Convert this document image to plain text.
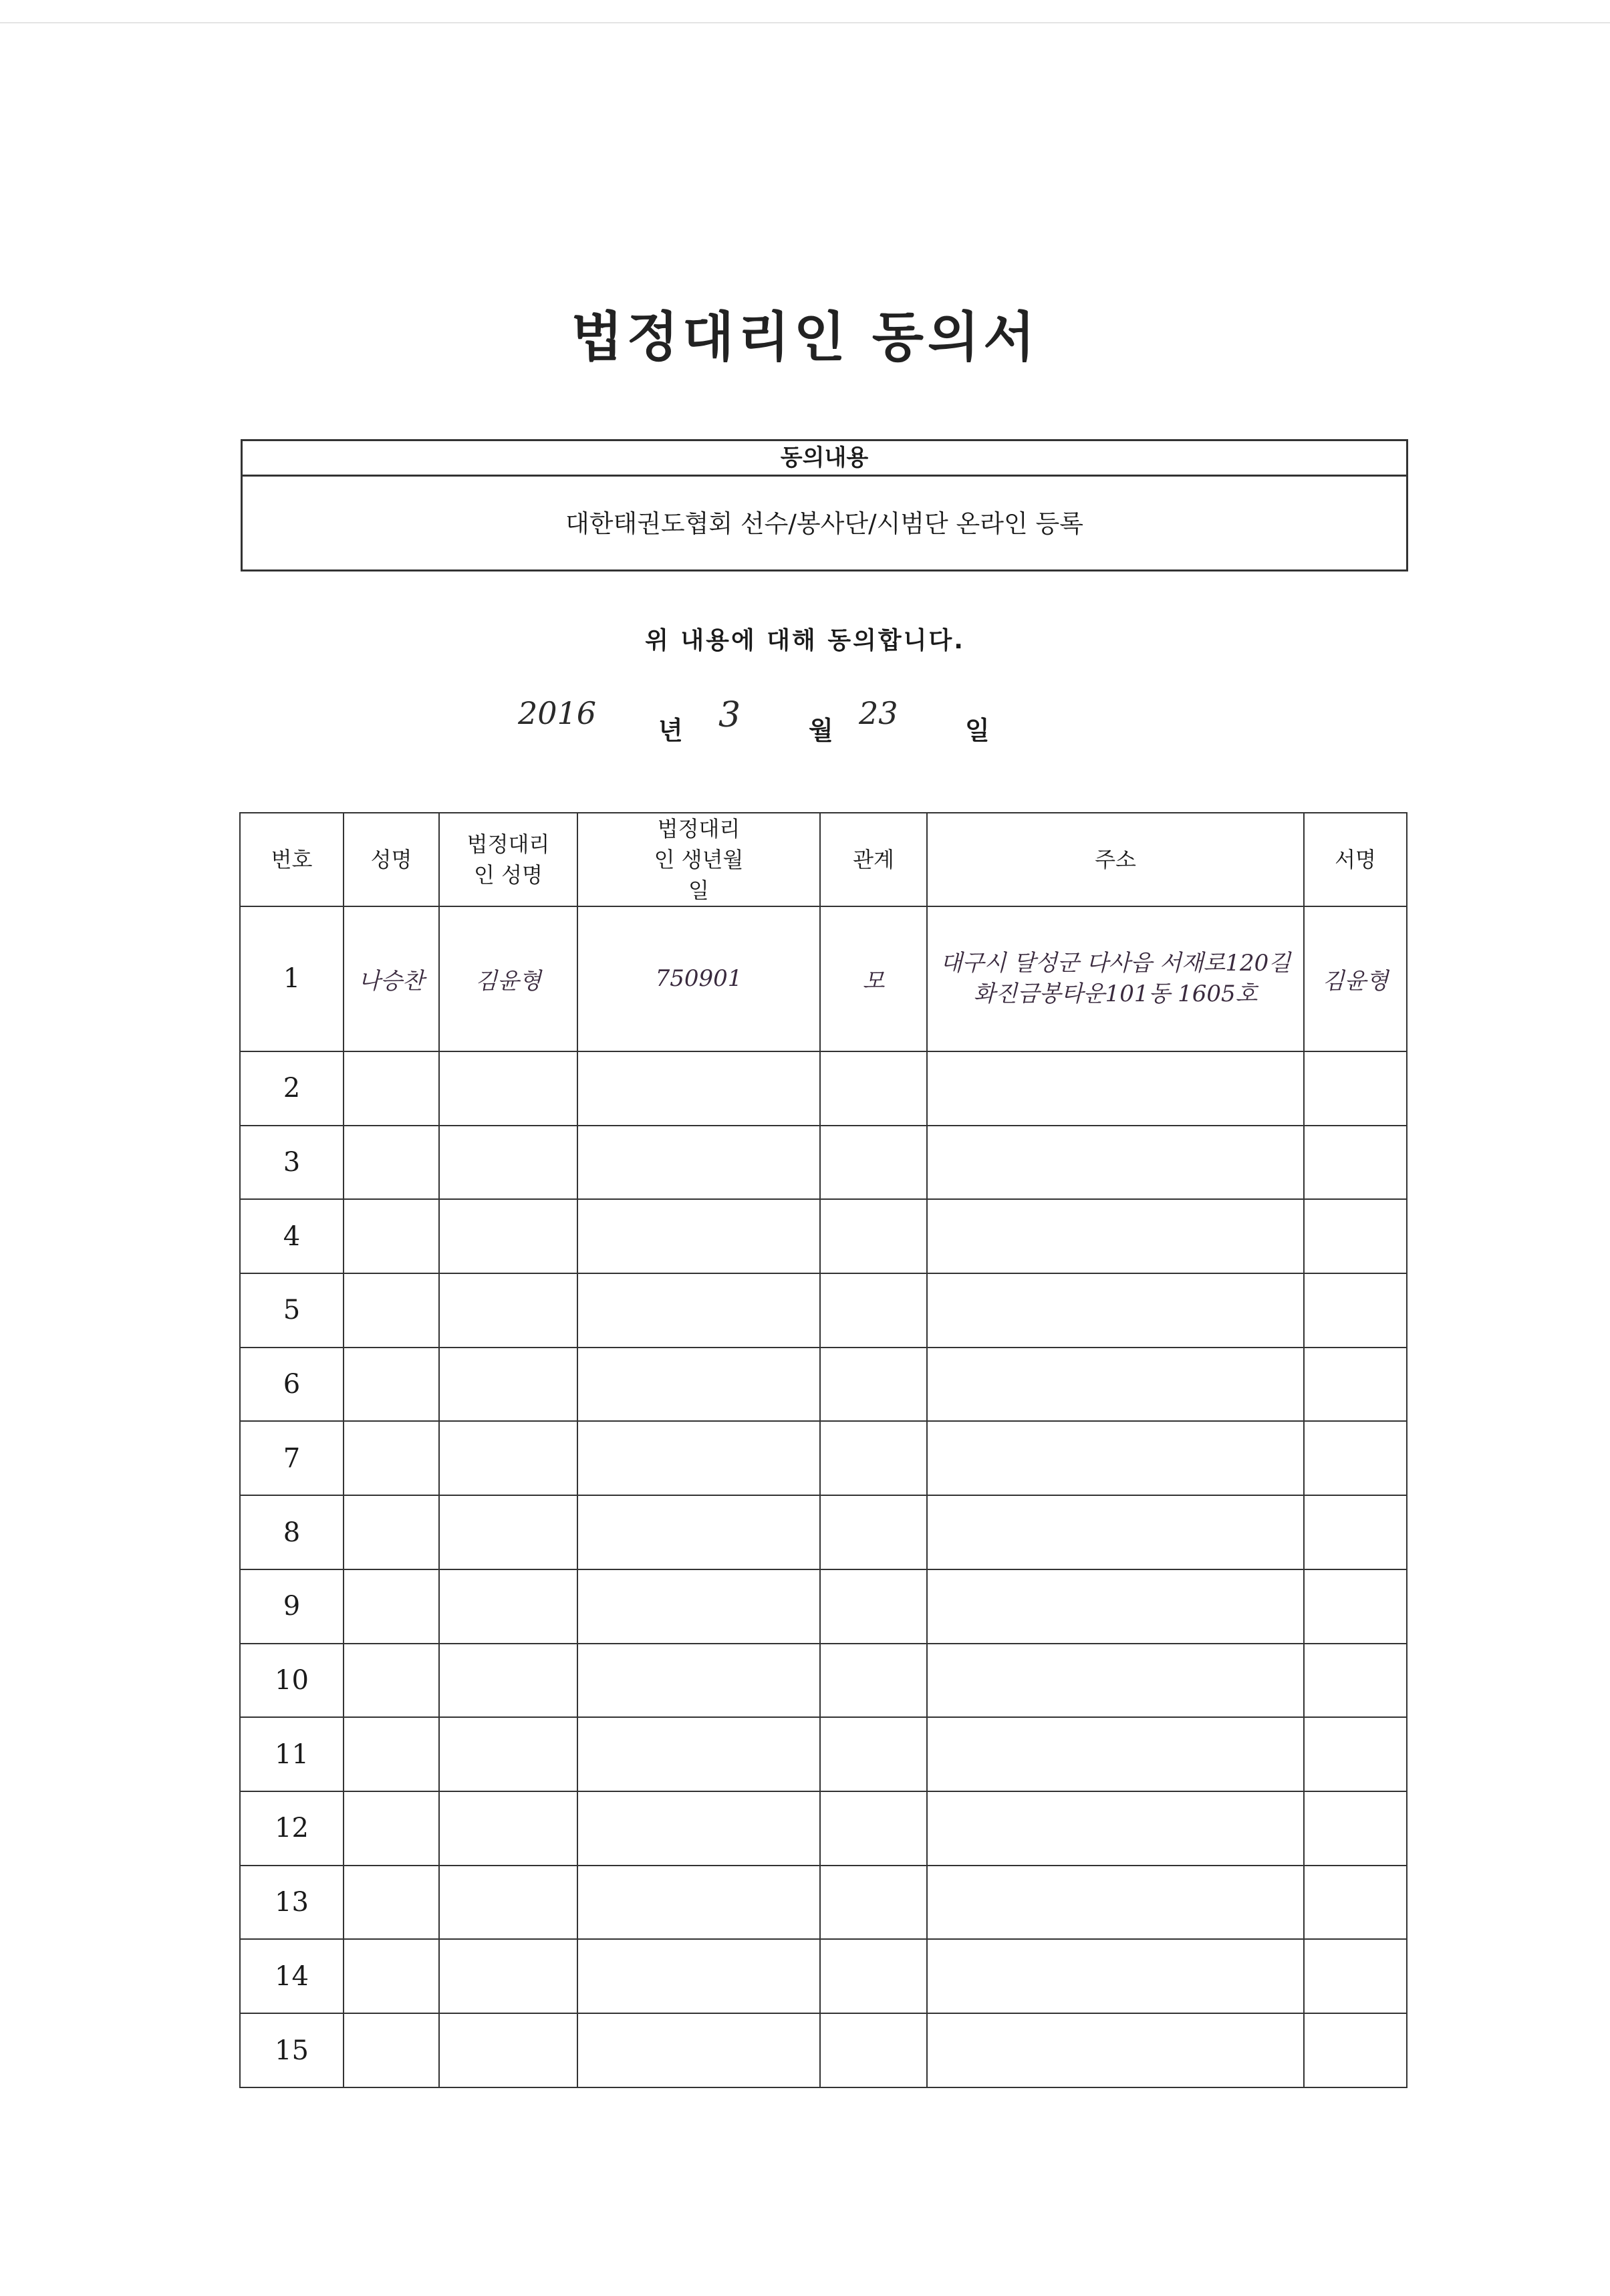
법정대리인 동의서
동의내용
대한태권도협회 선수/봉사단/시범단 온라인 등록
위 내용에 대해 동의합니다.
2016 년 3	월 23	일
번호	성명	법정대리인 성명	법정대리인 생년월일	관계	주소	서명
1	나승찬	김윤형	750901	모	대구시 달성군 다사읍 서재로120길 화진금봉타운101동 1605호	김윤형
2						
3						
4						
5						
6						
7						
8						
9						
10						
11						
12						
13						
14						
15						
